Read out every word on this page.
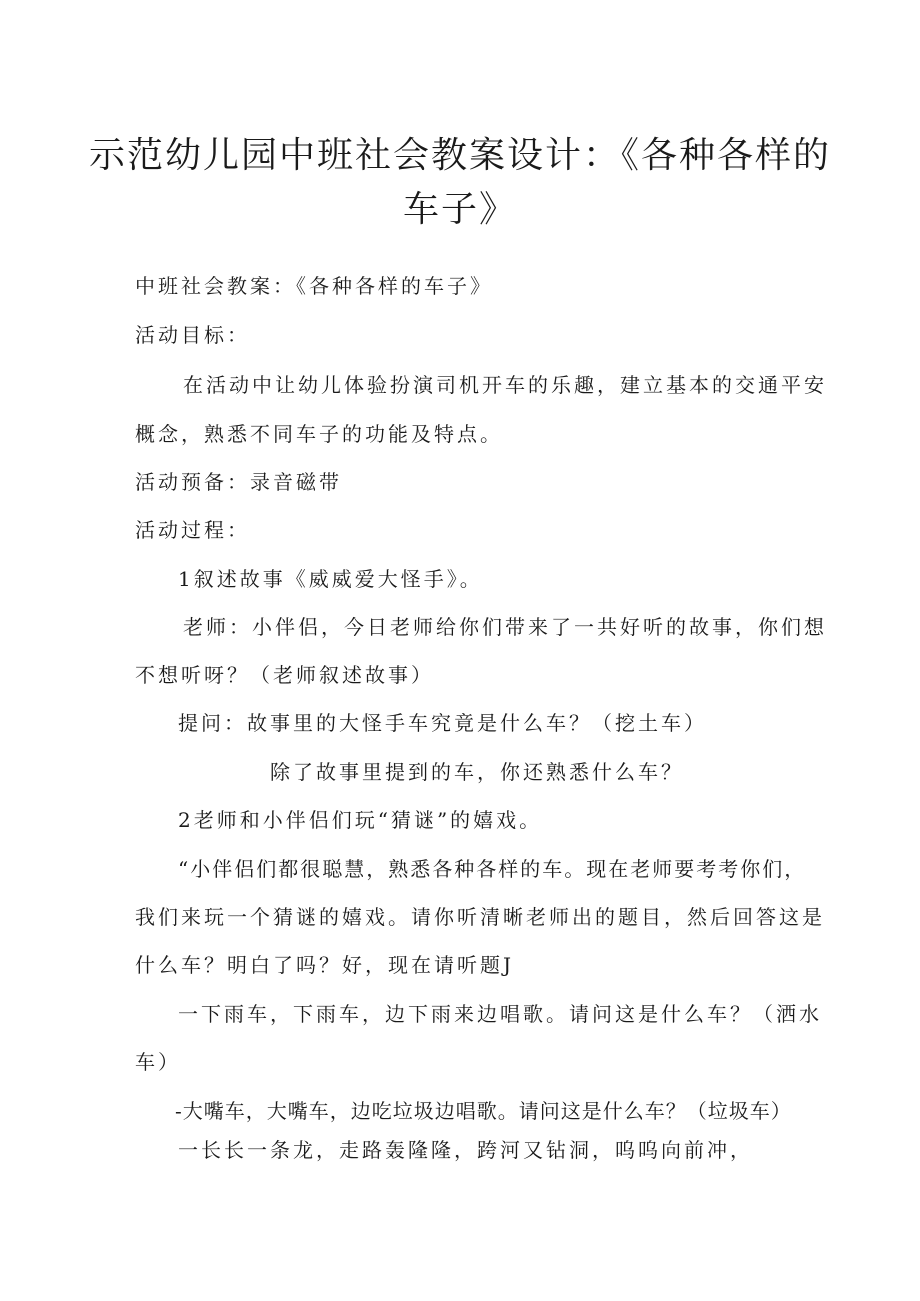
示范幼儿园中班社会教案设计：《各种各样的
车子》

中班社会教案：《各种各样的车子》

活动目标：

在活动中让幼儿体验扮演司机开车的乐趣，建立基本的交通平安

概念，熟悉不同车子的功能及特点。

活动预备：录音磁带

活动过程：

1叙述故事《威威爱大怪手》。

老师：小伴侣，今日老师给你们带来了一共好听的故事，你们想

不想听呀？（老师叙述故事）

提问：故事里的大怪手车究竟是什么车？（挖土车）

除了故事里提到的车，你还熟悉什么车？

2老师和小伴侣们玩“猜谜”的嬉戏。

“小伴侣们都很聪慧，熟悉各种各样的车。现在老师要考考你们，

我们来玩一个猜谜的嬉戏。请你听清晰老师出的题目，然后回答这是

什么车？明白了吗？好，现在请听题J

一下雨车，下雨车，边下雨来边唱歌。请问这是什么车？（洒水

车）

-大嘴车，大嘴车，边吃垃圾边唱歌。请问这是什么车？（垃圾车）

一长长一条龙，走路轰隆隆，跨河又钻洞，呜呜向前冲，
